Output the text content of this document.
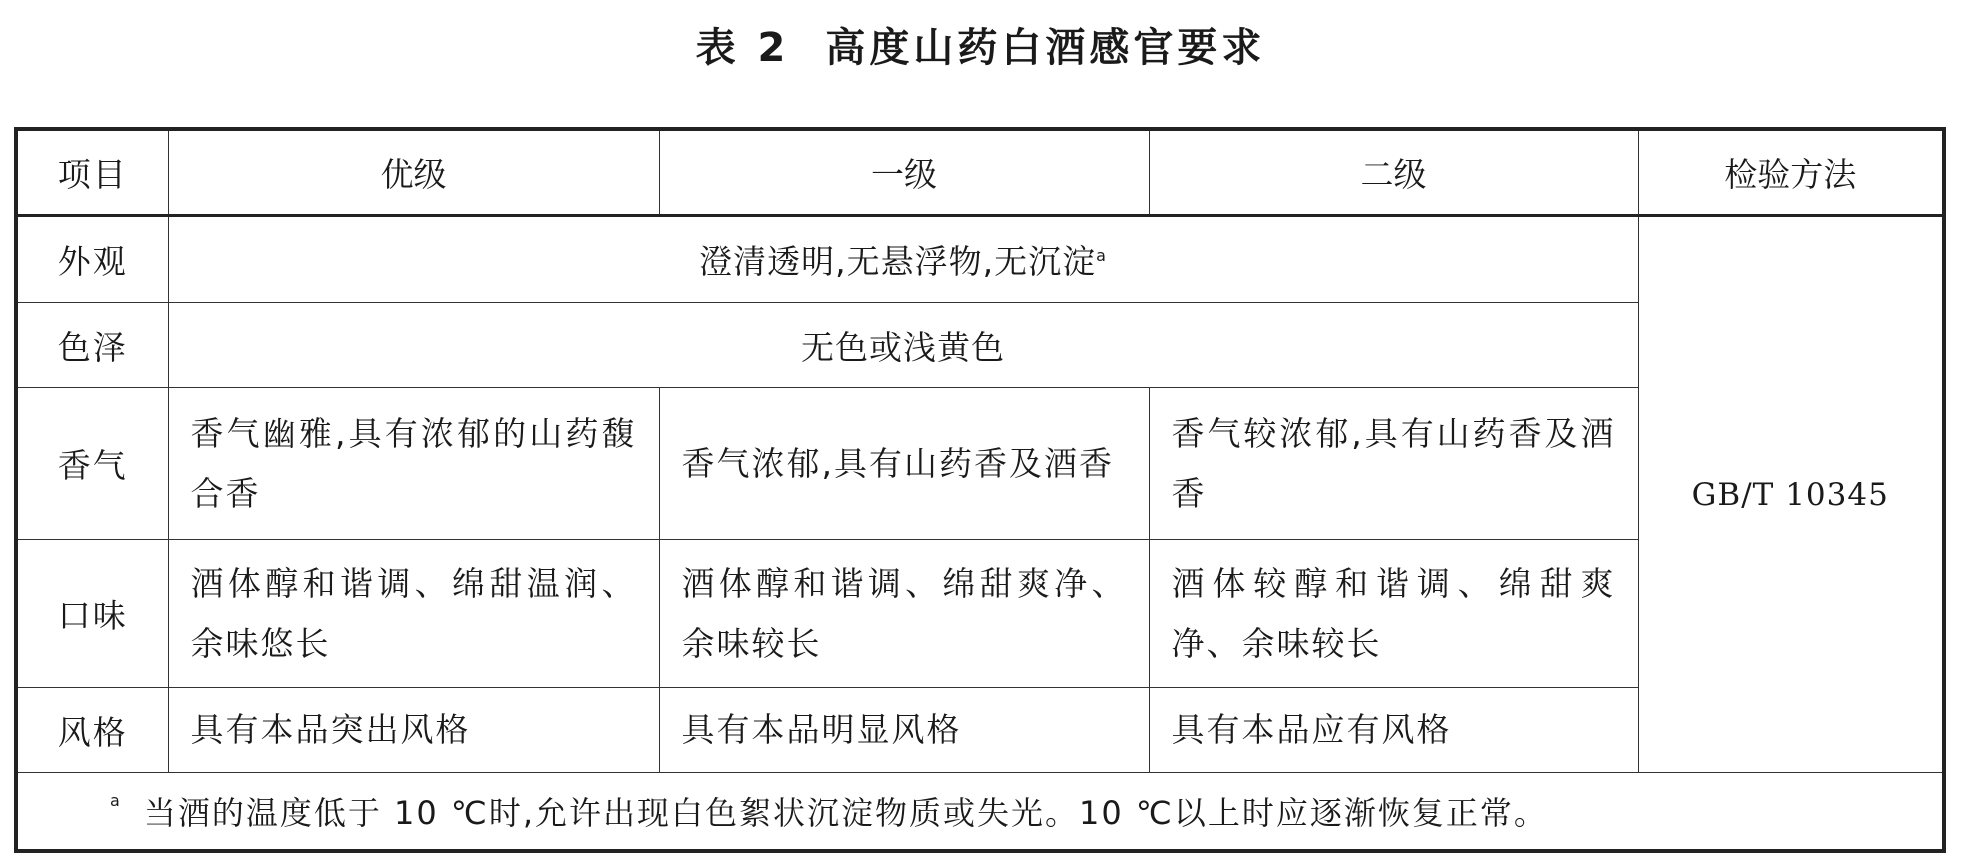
表 2 高度山药白酒感官要求
项目	优级	一级	二级	检验方法
外观	澄清透明,无悬浮物,无沉淀$^a$			GB/T 10345
色泽	无色或浅黄色			
香气	香气幽雅,具有浓郁的山药馥合香	香气浓郁,具有山药香及酒香	香气较浓郁,具有山药香及酒香	
口味	酒体醇和谐调、绵甜温润、余味悠长	酒体醇和谐调、绵甜爽净、余味较长	酒体较醇和谐调、绵甜爽净、余味较长	
风格	具有本品突出风格	具有本品明显风格	具有本品应有风格	
$^a$ 当酒的温度低于 10 ℃时,允许出现白色絮状沉淀物质或失光。10 ℃以上时应逐渐恢复正常。				
